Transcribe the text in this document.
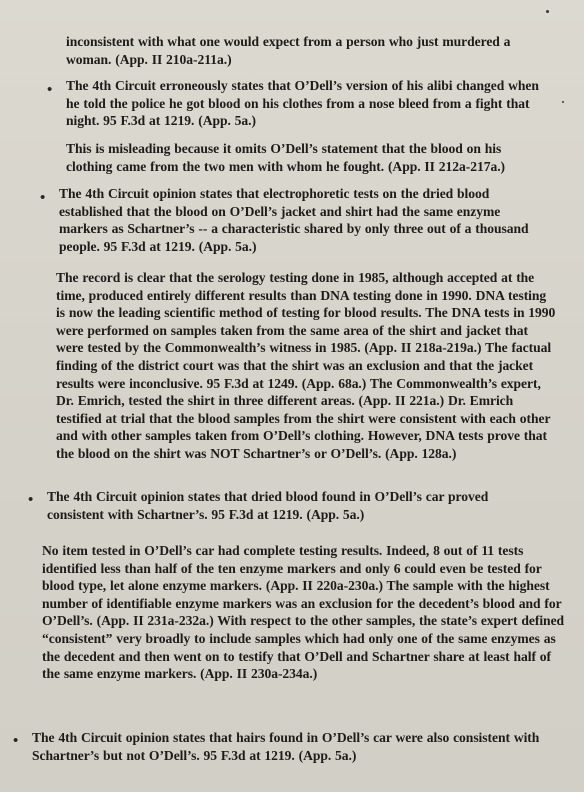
inconsistent with what one would expect from a person who just murdered a woman. (App. II 210a-211a.)
• The 4th Circuit erroneously states that O’Dell’s version of his alibi changed when he told the police he got blood on his clothes from a nose bleed from a fight that night. 95 F.3d at 1219. (App. 5a.)
This is misleading because it omits O’Dell’s statement that the blood on his clothing came from the two men with whom he fought. (App. II 212a-217a.)
• The 4th Circuit opinion states that electrophoretic tests on the dried blood established that the blood on O’Dell’s jacket and shirt had the same enzyme markers as Schartner’s -- a characteristic shared by only three out of a thousand people. 95 F.3d at 1219. (App. 5a.)
The record is clear that the serology testing done in 1985, although accepted at the time, produced entirely different results than DNA testing done in 1990. DNA testing is now the leading scientific method of testing for blood results. The DNA tests in 1990 were performed on samples taken from the same area of the shirt and jacket that were tested by the Commonwealth’s witness in 1985. (App. II 218a-219a.) The factual finding of the district court was that the shirt was an exclusion and that the jacket results were inconclusive. 95 F.3d at 1249. (App. 68a.) The Commonwealth’s expert, Dr. Emrich, tested the shirt in three different areas. (App. II 221a.) Dr. Emrich testified at trial that the blood samples from the shirt were consistent with each other and with other samples taken from O’Dell’s clothing. However, DNA tests prove that the blood on the shirt was NOT Schartner’s or O’Dell’s. (App. 128a.)
• The 4th Circuit opinion states that dried blood found in O’Dell’s car proved consistent with Schartner’s. 95 F.3d at 1219. (App. 5a.)
No item tested in O’Dell’s car had complete testing results. Indeed, 8 out of 11 tests identified less than half of the ten enzyme markers and only 6 could even be tested for blood type, let alone enzyme markers. (App. II 220a-230a.) The sample with the highest number of identifiable enzyme markers was an exclusion for the decedent’s blood and for O’Dell’s. (App. II 231a-232a.) With respect to the other samples, the state’s expert defined “consistent” very broadly to include samples which had only one of the same enzymes as the decedent and then went on to testify that O’Dell and Schartner share at least half of the same enzyme markers. (App. II 230a-234a.)
• The 4th Circuit opinion states that hairs found in O’Dell’s car were also consistent with Schartner’s but not O’Dell’s. 95 F.3d at 1219. (App. 5a.)
